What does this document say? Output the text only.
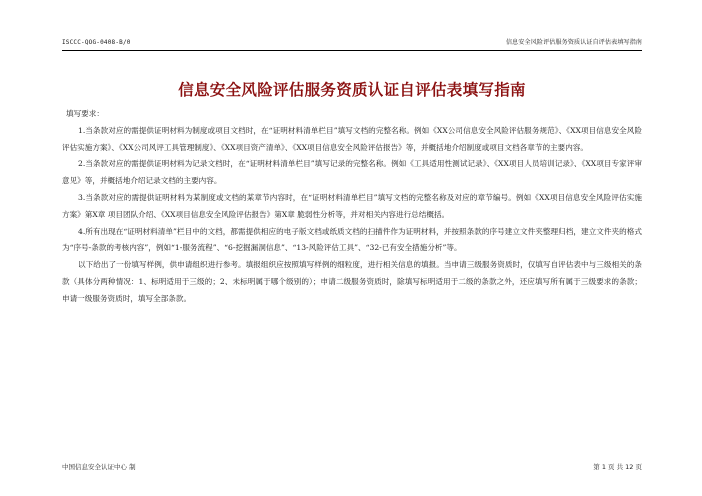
ISCCC-QOG-0408-B/0	信息安全风险评估服务资质认证自评估表填写指南
信息安全风险评估服务资质认证自评估表填写指南

填写要求：

1.当条款对应的需提供证明材料为制度或项目文档时，在“证明材料清单栏目”填写文档的完整名称。例如《XX公司信息安全风险评估服务规范》、《XX项目信息安全风险评估实施方案》、《XX公司风评工具管理制度》、《XX项目资产清单》、《XX项目信息安全风险评估报告》等，并概括地介绍制度或项目文档各章节的主要内容。

2.当条款对应的需提供证明材料为记录文档时，在“证明材料清单栏目”填写记录的完整名称。例如《工具适用性测试记录》、《XX项目人员培训记录》、《XX项目专家评审意见》等，并概括地介绍记录文档的主要内容。

3.当条款对应的需提供证明材料为某制度或文档的某章节内容时，在“证明材料清单栏目”填写文档的完整名称及对应的章节编号。例如《XX项目信息安全风险评估实施方案》第X章 项目团队介绍、《XX项目信息安全风险评估报告》第X章 脆弱性分析等，并对相关内容进行总结概括。

4.所有出现在“证明材料清单”栏目中的文档，都需提供相应的电子版文档或纸质文档的扫描件作为证明材料，并按照条款的序号建立文件夹整理归档，建立文件夹的格式为“序号-条款的考核内容”，例如“1-服务流程”、“6-挖掘漏洞信息”、“13-风险评估工具”、“32-已有安全措施分析”等。

以下给出了一份填写样例，供申请组织进行参考。填报组织应按照填写样例的细粒度，进行相关信息的填报。当申请三级服务资质时，仅填写自评估表中与三级相关的条款（具体分两种情况：1、标明适用于三级的；2、未标明属于哪个级别的）；申请二级服务资质时，除填写标明适用于二级的条款之外，还应填写所有属于三级要求的条款；申请一级服务资质时，填写全部条款。

中国信息安全认证中心 制	第 1 页 共 12 页
